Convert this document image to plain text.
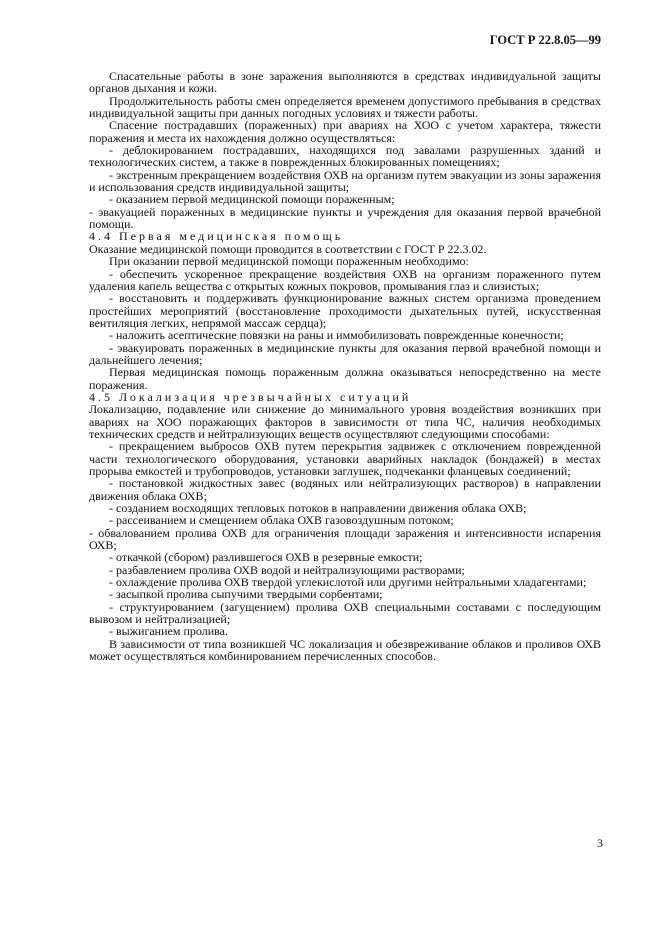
ГОСТ Р 22.8.05—99

Спасательные работы в зоне заражения выполняются в средствах индивидуальной защиты органов дыхания и кожи.

Продолжительность работы смен определяется временем допустимого пребывания в средствах индивидуальной защиты при данных погодных условиях и тяжести работы.

Спасение пострадавших (пораженных) при авариях на ХОО с учетом характера, тяжести поражения и места их нахождения должно осуществляться:

- деблокированием пострадавших, находящихся под завалами разрушенных зданий и технологических систем, а также в поврежденных блокированных помещениях;

- экстренным прекращением воздействия ОХВ на организм путем эвакуации из зоны заражения и использования средств индивидуальной защиты;

- оказанием первой медицинской помощи пораженным;

- эвакуацией пораженных в медицинские пункты и учреждения для оказания первой врачебной помощи.

4.4 Первая медицинская помощь

Оказание медицинской помощи проводится в соответствии с ГОСТ Р 22.3.02.

При оказании первой медицинской помощи пораженным необходимо:

- обеспечить ускоренное прекращение воздействия ОХВ на организм пораженного путем удаления капель вещества с открытых кожных покровов, промывания глаз и слизистых;

- восстановить и поддерживать функционирование важных систем организма проведением простейших мероприятий (восстановление проходимости дыхательных путей, искусственная вентиляция легких, непрямой массаж сердца);

- наложить асептические повязки на раны и иммобилизовать поврежденные конечности;

- эвакуировать пораженных в медицинские пункты для оказания первой врачебной помощи и дальнейшего лечения;

Первая медицинская помощь пораженным должна оказываться непосредственно на месте поражения.

4.5 Локализация чрезвычайных ситуаций

Локализацию, подавление или снижение до минимального уровня воздействия возникших при авариях на ХОО поражающих факторов в зависимости от типа ЧС, наличия необходимых технических средств и нейтрализующих веществ осуществляют следующими способами:

- прекращением выбросов ОХВ путем перекрытия задвижек с отключением поврежденной части технологического оборудования, установки аварийных накладок (бондажей) в местах прорыва емкостей и трубопроводов, установки заглушек, подчеканки фланцевых соединений;

- постановкой жидкостных завес (водяных или нейтрализующих растворов) в направлении движения облака ОХВ;

- созданием восходящих тепловых потоков в направлении движения облака ОХВ;

- рассеиванием и смещением облака ОХВ газовоздушным потоком;

- обвалованием пролива ОХВ для ограничения площади заражения и интенсивности испарения ОХВ;

- откачкой (сбором) разлившегося ОХВ в резервные емкости;

- разбавлением пролива ОХВ водой и нейтрализующими растворами;

- охлаждение пролива ОХВ твердой углекислотой или другими нейтральными хладагентами;

- засыпкой пролива сыпучими твердыми сорбентами;

- структуированием (загущением) пролива ОХВ специальными составами с последующим вывозом и нейтрализацией;

- выжиганием пролива.

В зависимости от типа возникшей ЧС локализация и обезвреживание облаков и проливов ОХВ может осуществляться комбинированием перечисленных способов.

3
